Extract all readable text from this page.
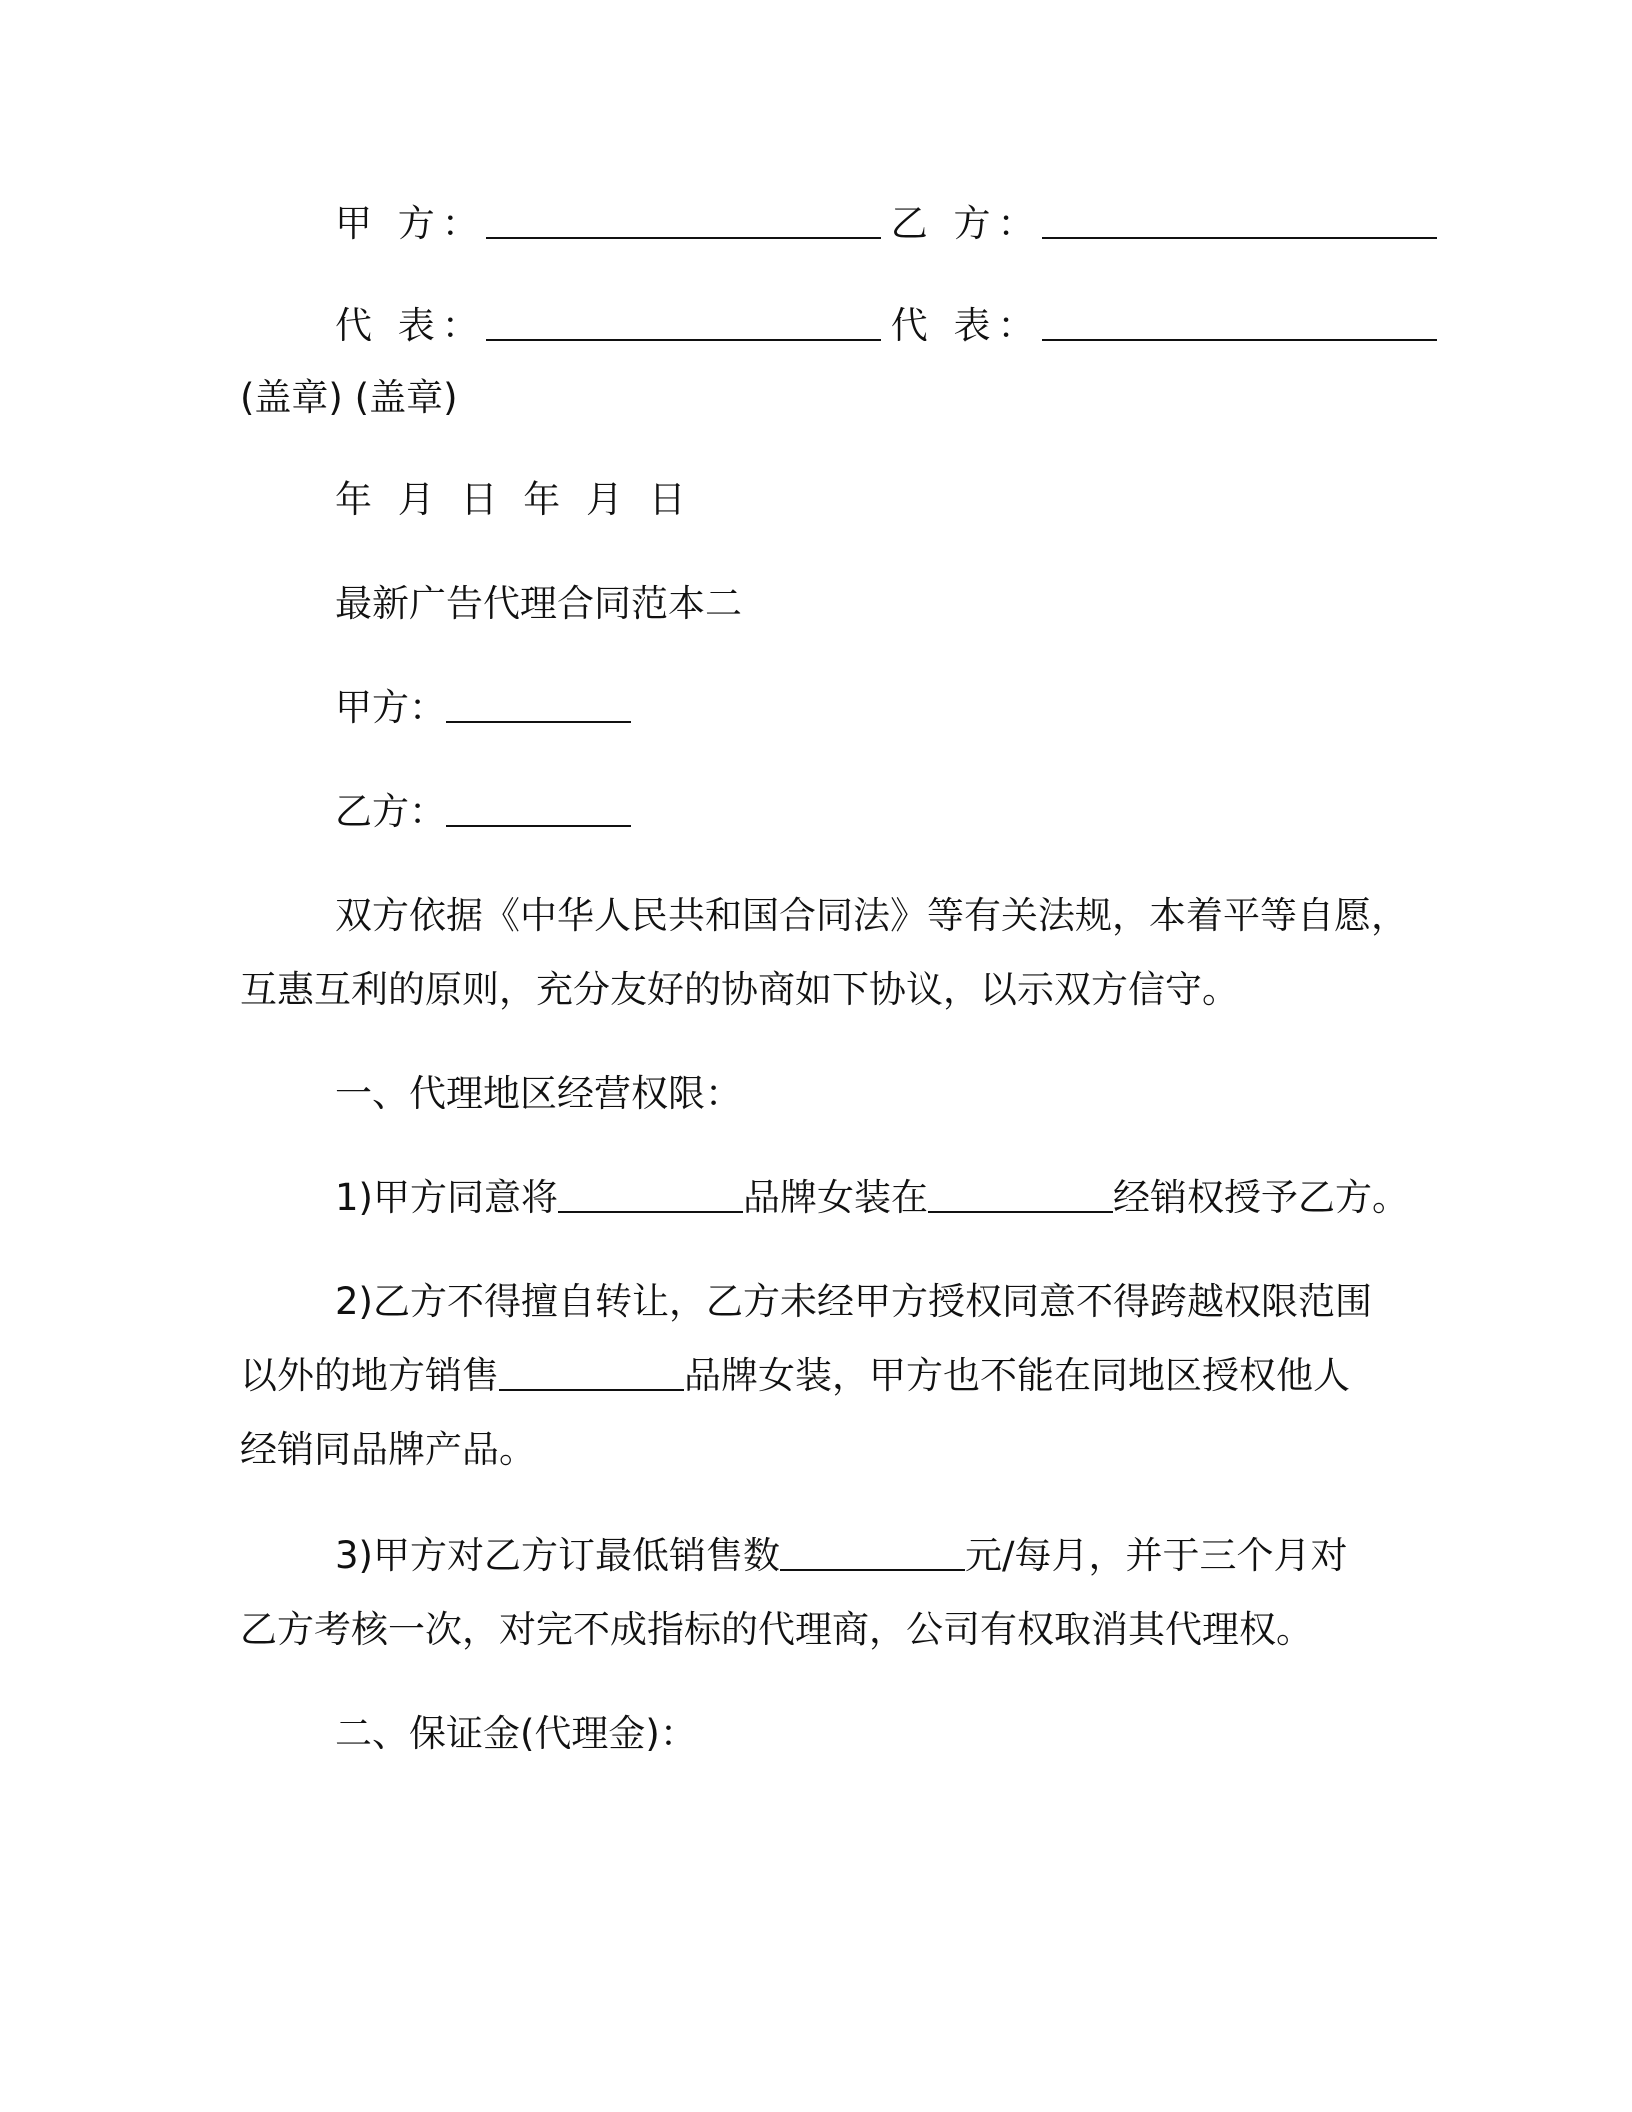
甲 方：	乙 方：
代 表：	代 表：
(盖章) (盖章)
年 月 日 年 月 日
最新广告代理合同范本二
甲方：
乙方：
双方依据《中华人民共和国合同法》等有关法规，本着平等自愿，
互惠互利的原则，充分友好的协商如下协议，以示双方信守。
一、代理地区经营权限：
1)甲方同意将	品牌女装在	经销权授予乙方。
2)乙方不得擅自转让，乙方未经甲方授权同意不得跨越权限范围
以外的地方销售	品牌女装，甲方也不能在同地区授权他人
经销同品牌产品。
3)甲方对乙方订最低销售数	元/每月，并于三个月对
乙方考核一次，对完不成指标的代理商，公司有权取消其代理权。
二、保证金(代理金)：
